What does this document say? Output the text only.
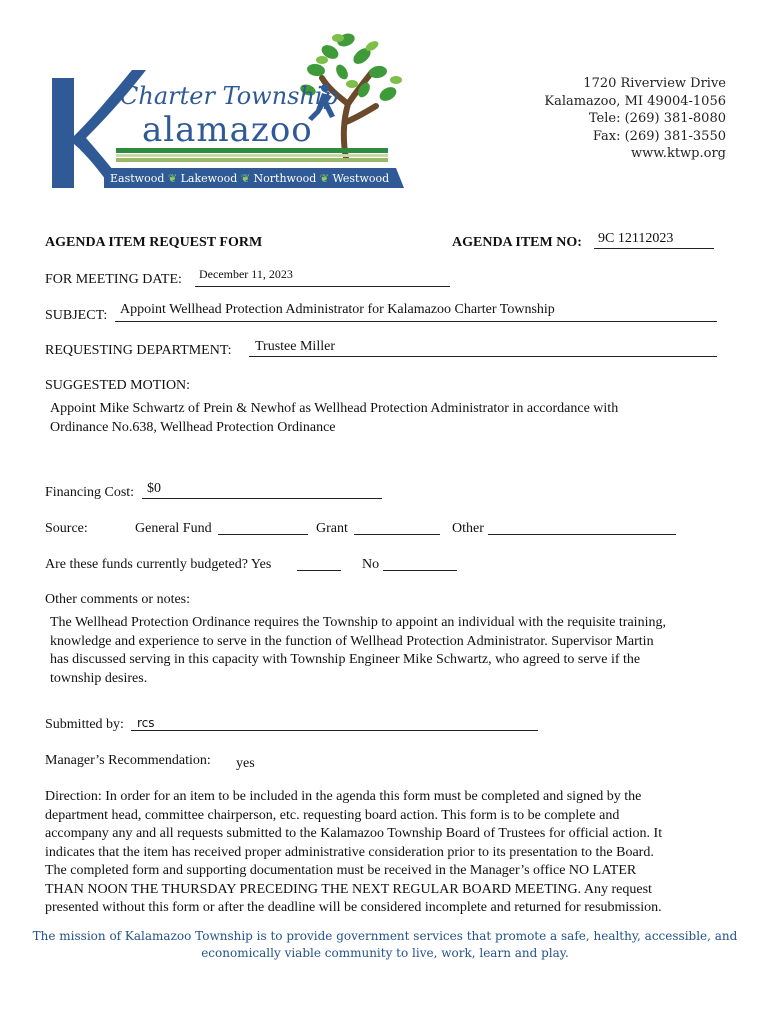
Charter Township
alamazoo
Eastwood ❦ Lakewood ❦ Northwood ❦ Westwood
1720 Riverview Drive
Kalamazoo, MI 49004-1056
Tele: (269) 381-8080
Fax: (269) 381-3550
www.ktwp.org
AGENDA ITEM REQUEST FORM	AGENDA ITEM NO: 9C 12112023
FOR MEETING DATE: December 11, 2023
SUBJECT: Appoint Wellhead Protection Administrator for Kalamazoo Charter Township
REQUESTING DEPARTMENT: Trustee Miller
SUGGESTED MOTION:
Appoint Mike Schwartz of Prein & Newhof as Wellhead Protection Administrator in accordance with
Ordinance No.638, Wellhead Protection Ordinance
Financing Cost: $0
Source:	General Fund	Grant	Other
Are these funds currently budgeted? Yes	No
Other comments or notes:
The Wellhead Protection Ordinance requires the Township to appoint an individual with the requisite training,
knowledge and experience to serve in the function of Wellhead Protection Administrator. Supervisor Martin
has discussed serving in this capacity with Township Engineer Mike Schwartz, who agreed to serve if the
township desires.
Submitted by: rcs
Manager’s Recommendation: yes
Direction: In order for an item to be included in the agenda this form must be completed and signed by the
department head, committee chairperson, etc. requesting board action. This form is to be complete and
accompany any and all requests submitted to the Kalamazoo Township Board of Trustees for official action. It
indicates that the item has received proper administrative consideration prior to its presentation to the Board.
The completed form and supporting documentation must be received in the Manager’s office NO LATER
THAN NOON THE THURSDAY PRECEDING THE NEXT REGULAR BOARD MEETING. Any request
presented without this form or after the deadline will be considered incomplete and returned for resubmission.
The mission of Kalamazoo Township is to provide government services that promote a safe, healthy, accessible, and
economically viable community to live, work, learn and play.
